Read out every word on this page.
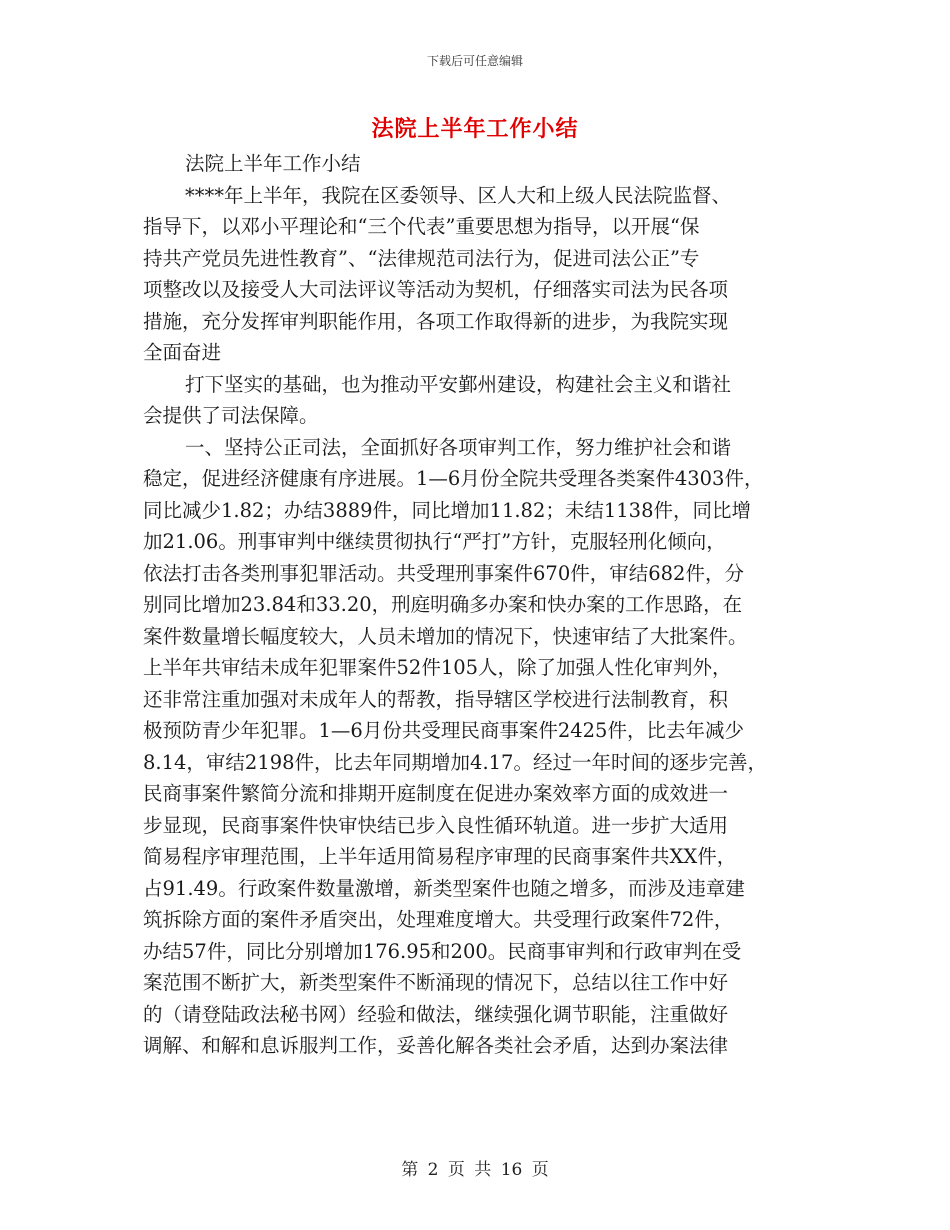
下载后可任意编辑
法院上半年工作小结
法院上半年工作小结
****年上半年，我院在区委领导、区人大和上级人民法院监督、
指导下，以邓小平理论和“三个代表”重要思想为指导，以开展“保
持共产党员先进性教育”、“法律规范司法行为，促进司法公正”专
项整改以及接受人大司法评议等活动为契机，仔细落实司法为民各项
措施，充分发挥审判职能作用，各项工作取得新的进步，为我院实现
全面奋进
打下坚实的基础，也为推动平安鄞州建设，构建社会主义和谐社
会提供了司法保障。
一、坚持公正司法，全面抓好各项审判工作，努力维护社会和谐
稳定，促进经济健康有序进展。1—6月份全院共受理各类案件4303件，
同比减少1.82；办结3889件，同比增加11.82；未结1138件，同比增
加21.06。刑事审判中继续贯彻执行“严打”方针，克服轻刑化倾向，
依法打击各类刑事犯罪活动。共受理刑事案件670件，审结682件，分
别同比增加23.84和33.20，刑庭明确多办案和快办案的工作思路，在
案件数量增长幅度较大，人员未增加的情况下，快速审结了大批案件。
上半年共审结未成年犯罪案件52件105人，除了加强人性化审判外，
还非常注重加强对未成年人的帮教，指导辖区学校进行法制教育，积
极预防青少年犯罪。1—6月份共受理民商事案件2425件，比去年减少
8.14，审结2198件，比去年同期增加4.17。经过一年时间的逐步完善，
民商事案件繁简分流和排期开庭制度在促进办案效率方面的成效进一
步显现，民商事案件快审快结已步入良性循环轨道。进一步扩大适用
简易程序审理范围，上半年适用简易程序审理的民商事案件共XX件，
占91.49。行政案件数量激增，新类型案件也随之增多，而涉及违章建
筑拆除方面的案件矛盾突出，处理难度增大。共受理行政案件72件，
办结57件，同比分别增加176.95和200。民商事审判和行政审判在受
案范围不断扩大，新类型案件不断涌现的情况下，总结以往工作中好
的（请登陆政法秘书网）经验和做法，继续强化调节职能，注重做好
调解、和解和息诉服判工作，妥善化解各类社会矛盾，达到办案法律
第 2 页 共 16 页
